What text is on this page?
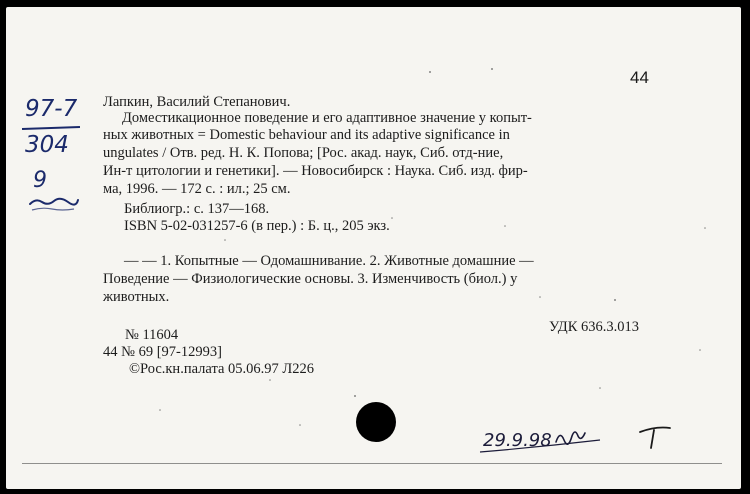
44
97-7
304
9
Лапкин, Василий Степанович.
Доместикационное поведение и его адаптивное значение у копыт-
ных животных = Domestic behaviour and its adaptive significance in
ungulates / Отв. ред. Н. К. Попова; [Рос. акад. наук, Сиб. отд-ние,
Ин-т цитологии и генетики]. — Новосибирск : Наука. Сиб. изд. фир-
ма, 1996. — 172 с. : ил.; 25 см.
Библиогр.: с. 137—168.
ISBN 5-02-031257-6 (в пер.) : Б. ц., 205 экз.
— — 1. Копытные — Одомашнивание. 2. Животные домашние —
Поведение — Физиологические основы. 3. Изменчивость (биол.) у
животных.
№ 11604	УДК 636.3.013
44 № 69 [97-12993]
©Рос.кн.палата 05.06.97 Л226
29.9.98
